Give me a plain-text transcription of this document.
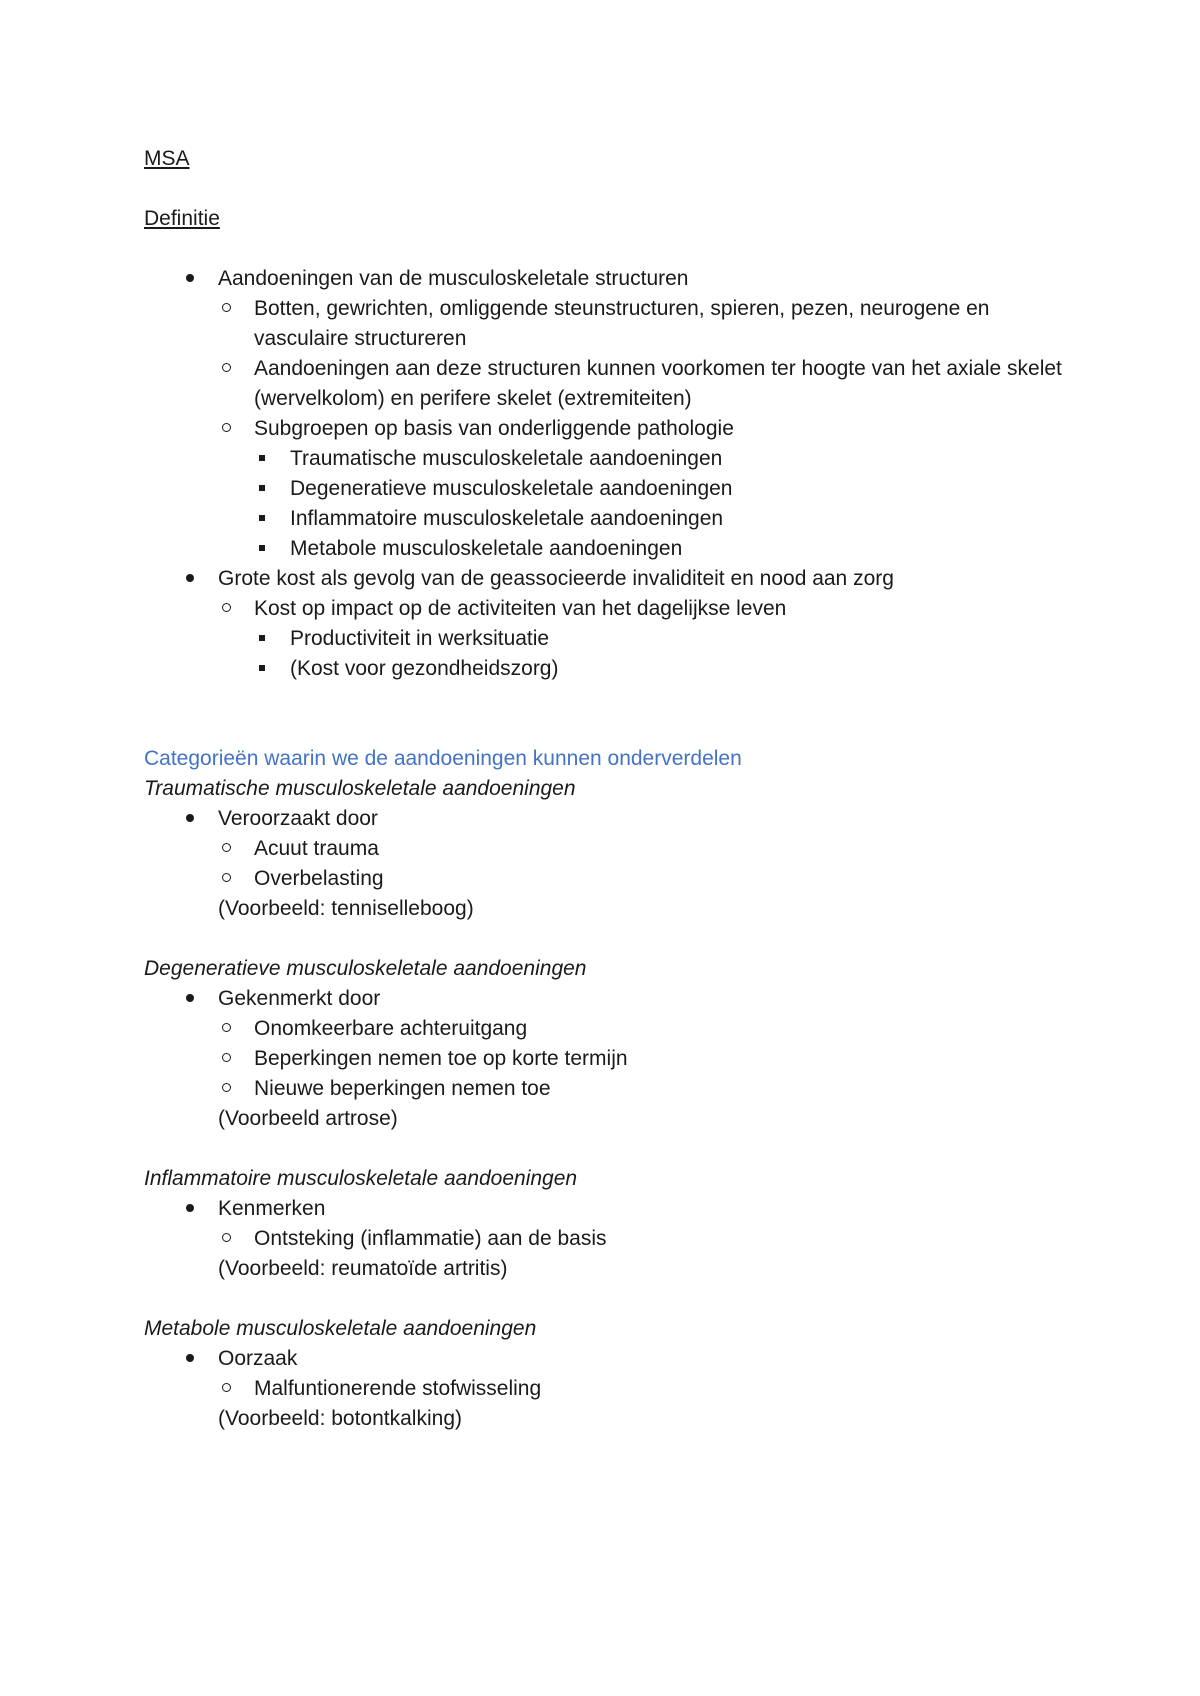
MSA
Definitie
Aandoeningen van de musculoskeletale structuren
Botten, gewrichten, omliggende steunstructuren, spieren, pezen, neurogene en vasculaire structureren
Aandoeningen aan deze structuren kunnen voorkomen ter hoogte van het axiale skelet (wervelkolom) en perifere skelet (extremiteiten)
Subgroepen op basis van onderliggende pathologie
Traumatische musculoskeletale aandoeningen
Degeneratieve musculoskeletale aandoeningen
Inflammatoire musculoskeletale aandoeningen
Metabole musculoskeletale aandoeningen
Grote kost als gevolg van de geassocieerde invaliditeit en nood aan zorg
Kost op impact op de activiteiten van het dagelijkse leven
Productiviteit in werksituatie
(Kost voor gezondheidszorg)
Categorieën waarin we de aandoeningen kunnen onderverdelen
Traumatische musculoskeletale aandoeningen
Veroorzaakt door
Acuut trauma
Overbelasting
(Voorbeeld: tenniselleboog)
Degeneratieve musculoskeletale aandoeningen
Gekenmerkt door
Onomkeerbare achteruitgang
Beperkingen nemen toe op korte termijn
Nieuwe beperkingen nemen toe
(Voorbeeld artrose)
Inflammatoire musculoskeletale aandoeningen
Kenmerken
Ontsteking (inflammatie) aan de basis
(Voorbeeld: reumatoïde artritis)
Metabole musculoskeletale aandoeningen
Oorzaak
Malfuntionerende stofwisseling
(Voorbeeld: botontkalking)
